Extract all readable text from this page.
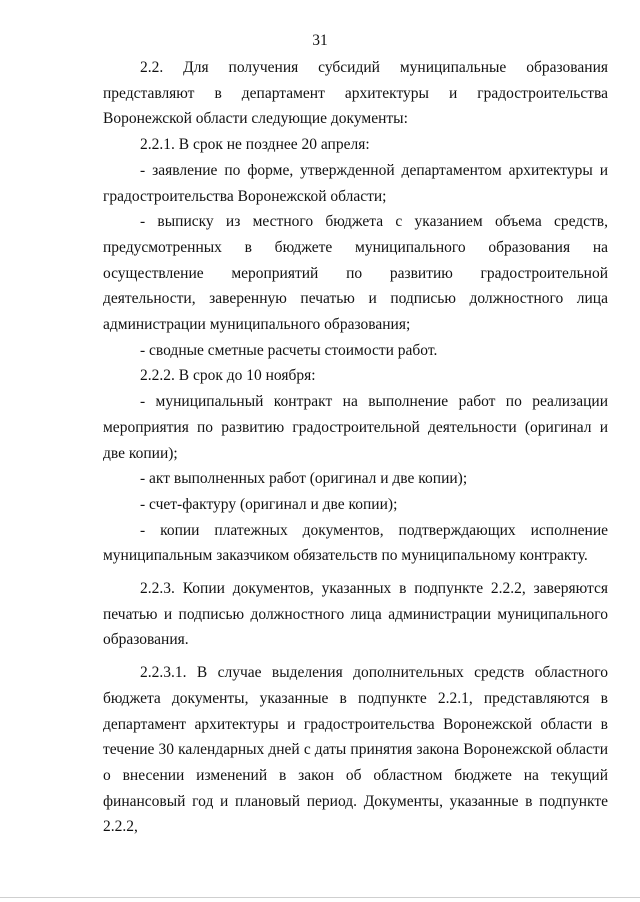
31

2.2. Для получения субсидий муниципальные образования представляют в департамент архитектуры и градостроительства Воронежской области следующие документы:

2.2.1. В срок не позднее 20 апреля:

- заявление по форме, утвержденной департаментом архитектуры и градостроительства Воронежской области;

- выписку из местного бюджета с указанием объема средств, предусмотренных в бюджете муниципального образования на осуществление мероприятий по развитию градостроительной деятельности, заверенную печатью и подписью должностного лица администрации муниципального образования;

- сводные сметные расчеты стоимости работ.

2.2.2. В срок до 10 ноября:

- муниципальный контракт на выполнение работ по реализации мероприятия по развитию градостроительной деятельности (оригинал и две копии);

- акт выполненных работ (оригинал и две копии);

- счет-фактуру (оригинал и две копии);

- копии платежных документов, подтверждающих исполнение муниципальным заказчиком обязательств по муниципальному контракту.

2.2.3. Копии документов, указанных в подпункте 2.2.2, заверяются печатью и подписью должностного лица администрации муниципального образования.

2.2.3.1. В случае выделения дополнительных средств областного бюджета документы, указанные в подпункте 2.2.1, представляются в департамент архитектуры и градостроительства Воронежской области в течение 30 календарных дней с даты принятия закона Воронежской области о внесении изменений в закон об областном бюджете на текущий финансовый год и плановый период. Документы, указанные в подпункте 2.2.2,
